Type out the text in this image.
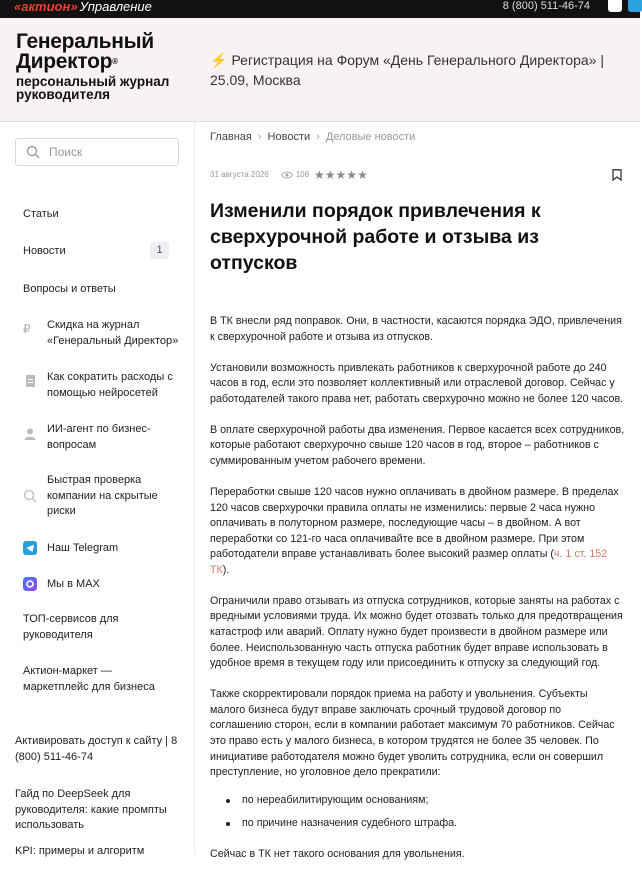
«актион» Управление	8 (800) 511-46-74
Генеральный
Директор®
персональный журнал руководителя
⚡ Регистрация на Форум «День Генерального Директора» | 25.09, Москва
Поиск
Статьи
Новости	1
Вопросы и ответы
₽	Скидка на журнал «Генеральный Директор»
Как сократить расходы с помощью нейросетей
ИИ-агент по бизнес-вопросам
Быстрая проверка компании на скрытые риски
Наш Telegram
Мы в MAX
ТОП-сервисов для руководителя
Актион-маркет — маркетплейс для бизнеса
Активировать доступ к сайту | 8 (800) 511-46-74
Гайд по DeepSeek для руководителя: какие промпты использовать
KPI: примеры и алгоритм
Главная › Новости › Деловые новости
31 августа 2026	108 ★★★★★
Изменили порядок привлечения к сверхурочной работе и отзыва из отпусков

В ТК внесли ряд поправок. Они, в частности, касаются порядка ЭДО, привлечения к сверхурочной работе и отзыва из отпусков.

Установили возможность привлекать работников к сверхурочной работе до 240 часов в год, если это позволяет коллективный или отраслевой договор. Сейчас у работодателей такого права нет, работать сверхурочно можно не более 120 часов.

В оплате сверхурочной работы два изменения. Первое касается всех сотрудников, которые работают сверхурочно свыше 120 часов в год, второе – работников с суммированным учетом рабочего времени.

Переработки свыше 120 часов нужно оплачивать в двойном размере. В пределах 120 часов сверхурочки правила оплаты не изменились: первые 2 часа нужно оплачивать в полуторном размере, последующие часы – в двойном. А вот переработки со 121-го часа оплачивайте все в двойном размере. При этом работодатели вправе устанавливать более высокий размер оплаты (ч. 1 ст. 152 ТК).

Ограничили право отзывать из отпуска сотрудников, которые заняты на работах с вредными условиями труда. Их можно будет отозвать только для предотвращения катастроф или аварий. Оплату нужно будет произвести в двойном размере или более. Неиспользованную часть отпуска работник будет вправе использовать в удобное время в текущем году или присоединить к отпуску за следующий год.

Также скорректировали порядок приема на работу и увольнения. Субъекты малого бизнеса будут вправе заключать срочный трудовой договор по соглашению сторон, если в компании работает максимум 70 работников. Сейчас это право есть у малого бизнеса, в котором трудятся не более 35 человек. По инициативе работодателя можно будет уволить сотрудника, если он совершил преступление, но уголовное дело прекратили:

по нереабилитирующим основаниям;
по причине назначения судебного штрафа.

Сейчас в ТК нет такого основания для увольнения.
